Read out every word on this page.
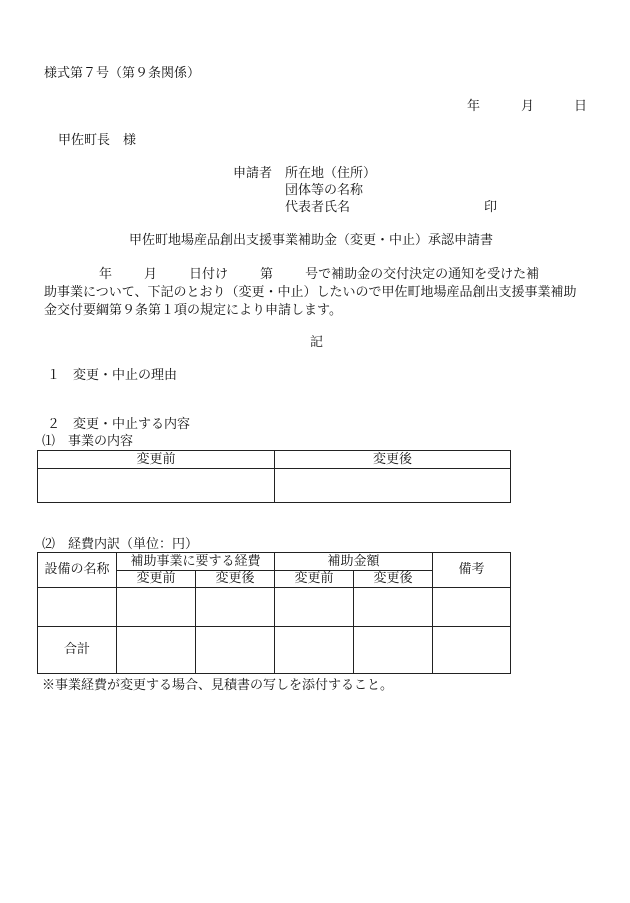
様式第７号（第９条関係）
年	月	日
甲佐町長　様
申請者 所在地（住所）
団体等の名称
代表者氏名	印
甲佐町地場産品創出支援事業補助金（変更・中止）承認申請書
年 月 日付け 第 号で補助金の交付決定の通知を受けた補
助事業について、下記のとおり（変更・中止）したいので甲佐町地場産品創出支援事業補助
金交付要綱第９条第１項の規定により申請します。
記
１　変更・中止の理由
２　変更・中止する内容
⑴　事業の内容
変更前	変更後

⑵　経費内訳（単位：円）
設備の名称	補助事業に要する経費		補助金額		備考
	変更前	変更後	変更前	変更後	

合計					
※事業経費が変更する場合、見積書の写しを添付すること。
